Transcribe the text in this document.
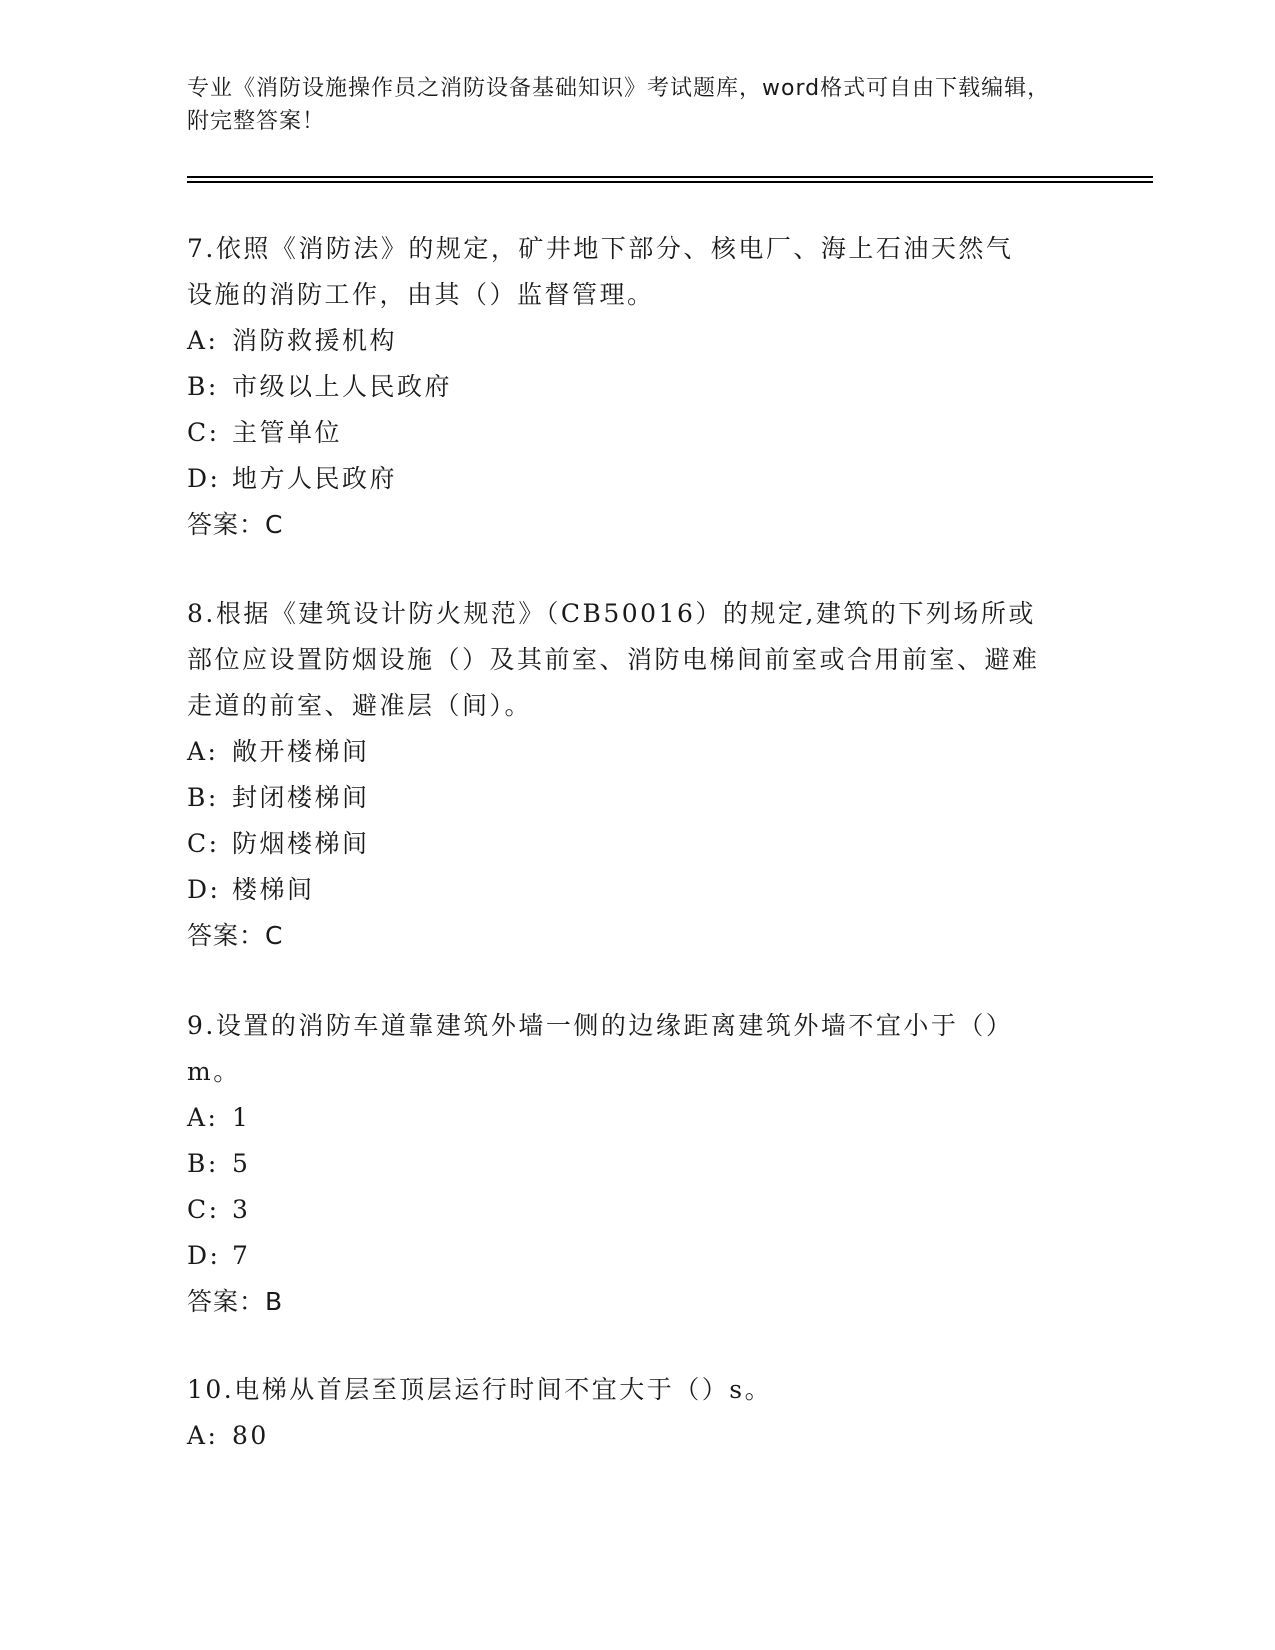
专业《消防设施操作员之消防设备基础知识》考试题库，word格式可自由下载编辑，附完整答案！
7.依照《消防法》的规定，矿井地下部分、核电厂、海上石油天然气设施的消防工作，由其（）监督管理。
A: 消防救援机构
B: 市级以上人民政府
C: 主管单位
D: 地方人民政府
答案：C
8.根据《建筑设计防火规范》（CB50016）的规定,建筑的下列场所或部位应设置防烟设施（）及其前室、消防电梯间前室或合用前室、避难走道的前室、避准层（间）。
A: 敞开楼梯间
B: 封闭楼梯间
C: 防烟楼梯间
D: 楼梯间
答案：C
9.设置的消防车道靠建筑外墙一侧的边缘距离建筑外墙不宜小于（）m。
A: 1
B: 5
C: 3
D: 7
答案：B
10.电梯从首层至顶层运行时间不宜大于（）s。
A: 80
